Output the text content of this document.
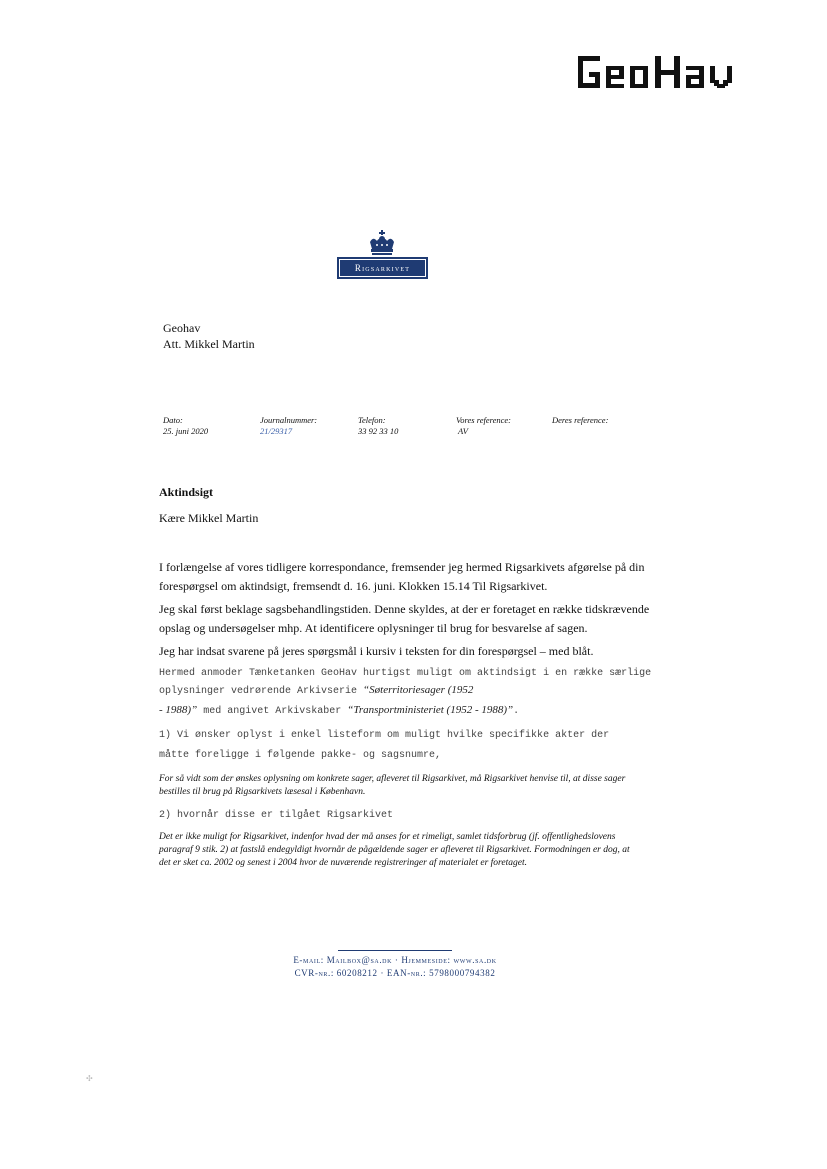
Rigsarkivet
Geohav
Att. Mikkel Martin
Dato:
25. juni 2020
Journalnummer:
21/29317
Telefon:
33 92 33 10
Vores reference:
AV
Deres reference:
Aktindsigt
Kære Mikkel Martin
I forlængelse af vores tidligere korrespondance, fremsender jeg hermed Rigsarkivets afgørelse på din
forespørgsel om aktindsigt, fremsendt d. 16. juni. Klokken 15.14 Til Rigsarkivet.
Jeg skal først beklage sagsbehandlingstiden. Denne skyldes, at der er foretaget en række tidskrævende
opslag og undersøgelser mhp. At identificere oplysninger til brug for besvarelse af sagen.
Jeg har indsat svarene på jeres spørgsmål i kursiv i teksten for din forespørgsel – med blåt.
Hermed anmoder Tænketanken GeoHav hurtigst muligt om aktindsigt i en række særlige
oplysninger vedrørende Arkivserie “Søterritoriesager (1952
- 1988)” med angivet Arkivskaber “Transportministeriet (1952 - 1988)”.
1) Vi ønsker oplyst i enkel listeform om muligt hvilke specifikke akter der
måtte foreligge i følgende pakke- og sagsnumre,
For så vidt som der ønskes oplysning om konkrete sager, afleveret til Rigsarkivet, må Rigsarkivet henvise til, at disse sager
bestilles til brug på Rigsarkivets læsesal i København.
2) hvornår disse er tilgået Rigsarkivet
Det er ikke muligt for Rigsarkivet, indenfor hvad der må anses for et rimeligt, samlet tidsforbrug (jf. offentlighedslovens
paragraf 9 stik. 2) at fastslå endegyldigt hvornår de pågældende sager er afleveret til Rigsarkivet. Formodningen er dog, at
det er sket ca. 2002 og senest i 2004 hvor de nuværende registreringer af materialet er foretaget.
E-mail: Mailbox@sa.dk · Hjemmeside: www.sa.dk
CVR-nr.: 60208212 · EAN-nr.: 5798000794382
✣
